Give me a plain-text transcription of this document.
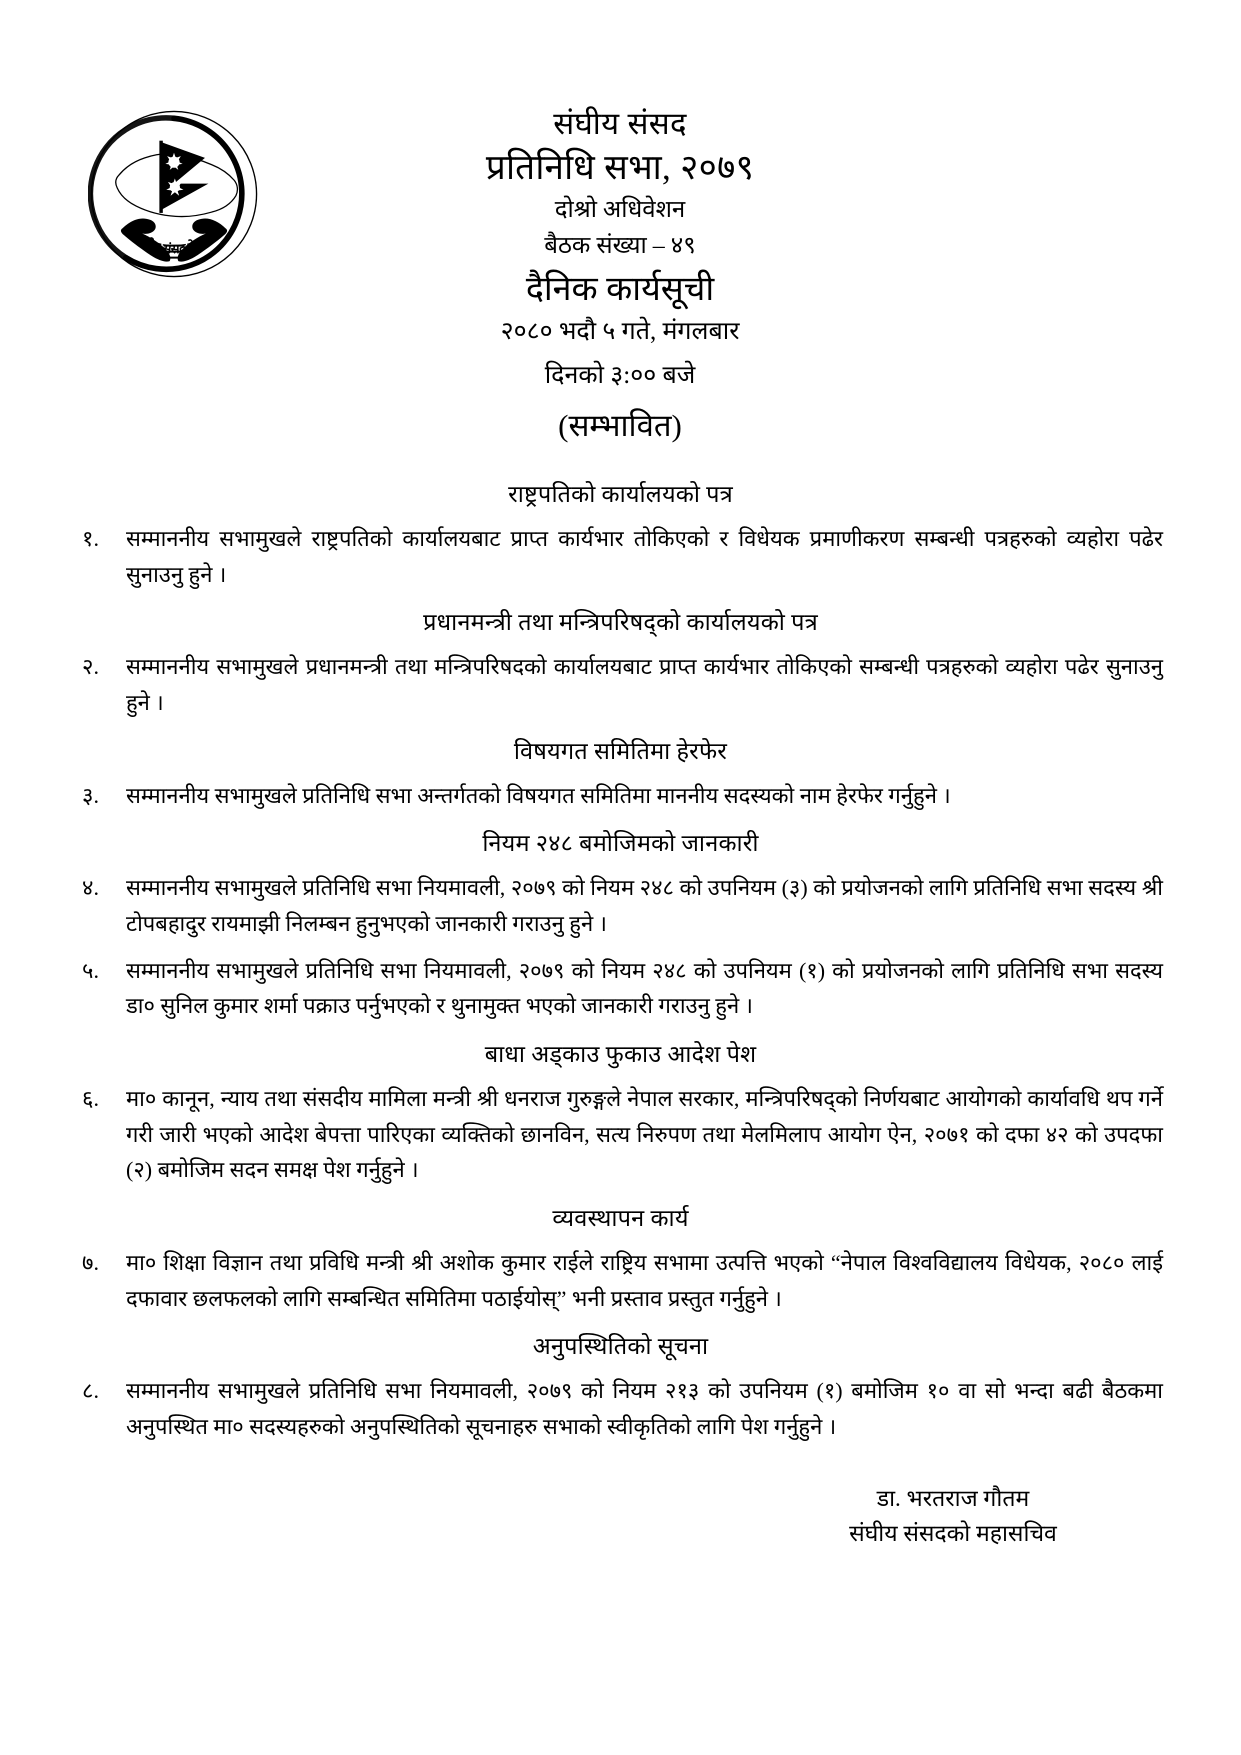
संघीय संसद नेपाल
संघीय संसद
प्रतिनिधि सभा, २०७९
दोश्रो अधिवेशन
बैठक संख्या – ४९
दैनिक कार्यसूची
२०८० भदौ ५ गते, मंगलबार
दिनको ३:०० बजे
(सम्भावित)
राष्ट्रपतिको कार्यालयको पत्र
१.	सम्माननीय सभामुखले राष्ट्रपतिको कार्यालयबाट प्राप्त कार्यभार तोकिएको र विधेयक प्रमाणीकरण सम्बन्धी पत्रहरुको व्यहोरा पढेर सुनाउनु हुने ।
प्रधानमन्त्री तथा मन्त्रिपरिषद्को कार्यालयको पत्र
२.	सम्माननीय सभामुखले प्रधानमन्त्री तथा मन्त्रिपरिषदको कार्यालयबाट प्राप्त कार्यभार तोकिएको सम्बन्धी पत्रहरुको व्यहोरा पढेर सुनाउनु हुने ।
विषयगत समितिमा हेरफेर
३.	सम्माननीय सभामुखले प्रतिनिधि सभा अन्तर्गतको विषयगत समितिमा माननीय सदस्यको नाम हेरफेर गर्नुहुने ।
नियम २४८ बमोजिमको जानकारी
४.	सम्माननीय सभामुखले प्रतिनिधि सभा नियमावली, २०७९ को नियम २४८ को उपनियम (३) को प्रयोजनको लागि प्रतिनिधि सभा सदस्य श्री टोपबहादुर रायमाझी निलम्बन हुनुभएको जानकारी गराउनु हुने ।
५.	सम्माननीय सभामुखले प्रतिनिधि सभा नियमावली, २०७९ को नियम २४८ को उपनियम (१) को प्रयोजनको लागि प्रतिनिधि सभा सदस्य डा० सुनिल कुमार शर्मा पक्राउ पर्नुभएको र थुनामुक्त भएको जानकारी गराउनु हुने ।
बाधा अड्काउ फुकाउ आदेश पेश
६.	मा० कानून, न्याय तथा संसदीय मामिला मन्त्री श्री धनराज गुरुङ्गले नेपाल सरकार, मन्त्रिपरिषद्को निर्णयबाट आयोगको कार्यावधि थप गर्ने गरी जारी भएको आदेश बेपत्ता पारिएका व्यक्तिको छानविन, सत्य निरुपण तथा मेलमिलाप आयोग ऐन, २०७१ को दफा ४२ को उपदफा (२) बमोजिम सदन समक्ष पेश गर्नुहुने ।
व्यवस्थापन कार्य
७.	मा० शिक्षा विज्ञान तथा प्रविधि मन्त्री श्री अशोक कुमार राईले राष्ट्रिय सभामा उत्पत्ति भएको “नेपाल विश्वविद्यालय विधेयक, २०८० लाई दफावार छलफलको लागि सम्बन्धित समितिमा पठाईयोस्” भनी प्रस्ताव प्रस्तुत गर्नुहुने ।
अनुपस्थितिको सूचना
८.	सम्माननीय सभामुखले प्रतिनिधि सभा नियमावली, २०७९ को नियम २१३ को उपनियम (१) बमोजिम १० वा सो भन्दा बढी बैठकमा अनुपस्थित मा० सदस्यहरुको अनुपस्थितिको सूचनाहरु सभाको स्वीकृतिको लागि पेश गर्नुहुने ।
डा. भरतराज गौतम
संघीय संसदको महासचिव
